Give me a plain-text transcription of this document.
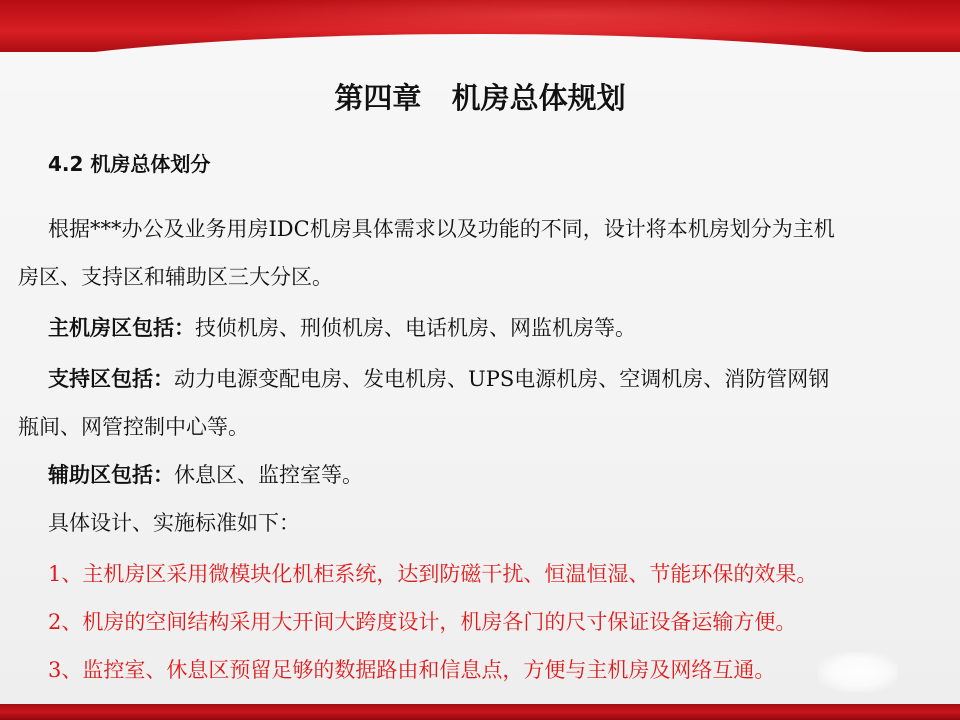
第四章   机房总体规划
4.2 机房总体划分
根据***办公及业务用房IDC机房具体需求以及功能的不同，设计将本机房划分为主机
房区、支持区和辅助区三大分区。
主机房区包括：技侦机房、刑侦机房、电话机房、网监机房等。
支持区包括：动力电源变配电房、发电机房、UPS电源机房、空调机房、消防管网钢
瓶间、网管控制中心等。
辅助区包括：休息区、监控室等。
具体设计、实施标准如下：
1、主机房区采用微模块化机柜系统，达到防磁干扰、恒温恒湿、节能环保的效果。
2、机房的空间结构采用大开间大跨度设计，机房各门的尺寸保证设备运输方便。
3、监控室、休息区预留足够的数据路由和信息点，方便与主机房及网络互通。
